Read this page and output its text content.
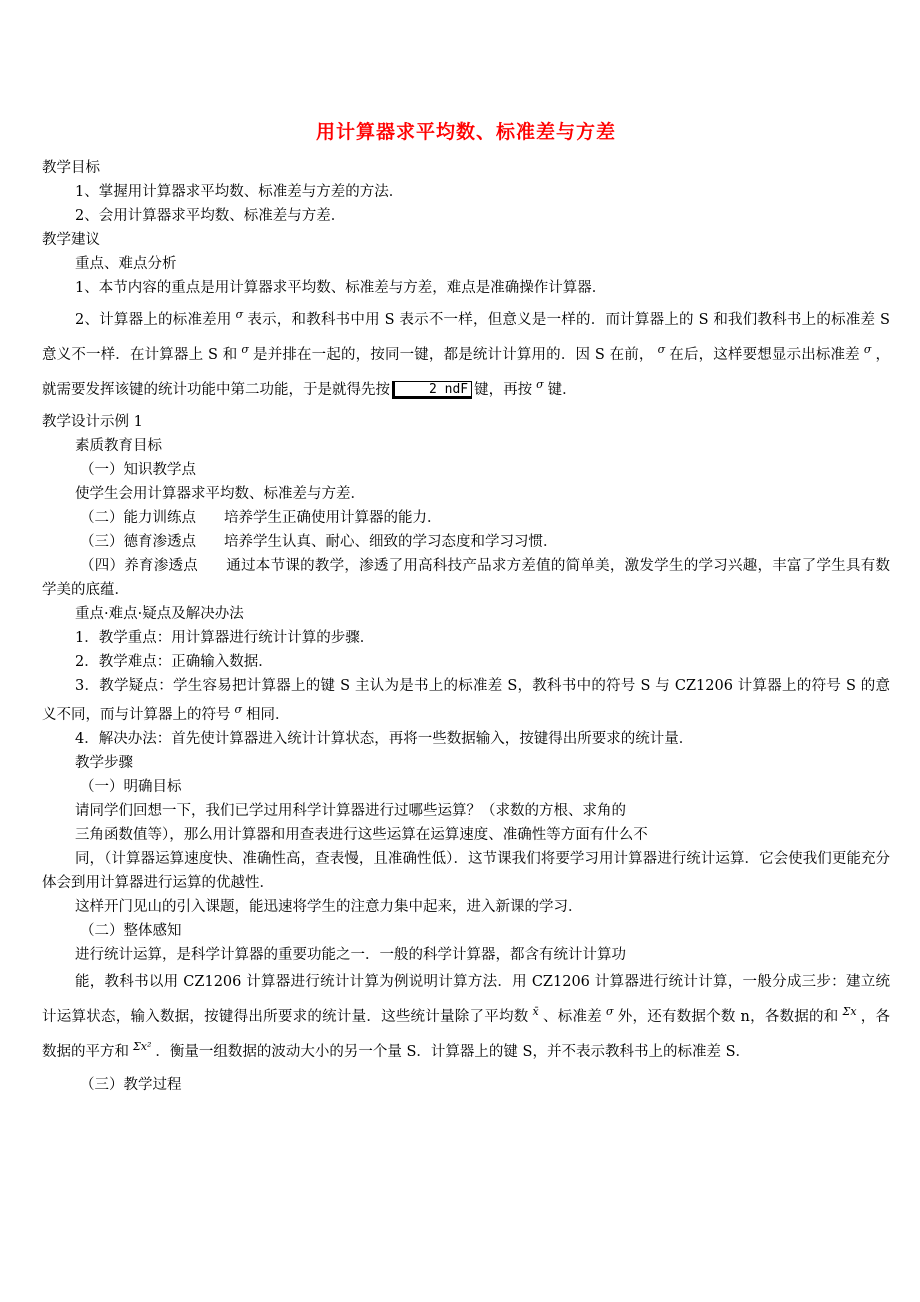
用计算器求平均数、标准差与方差
教学目标
1、掌握用计算器求平均数、标准差与方差的方法．
2、会用计算器求平均数、标准差与方差．
教学建议
重点、难点分析
1、本节内容的重点是用计算器求平均数、标准差与方差，难点是准确操作计算器．
2、计算器上的标准差用 $^\sigma$ 表示，和教科书中用 S 表示不一样，但意义是一样的．而计算器上的 S 和我们教科书上的标准差 S 意义不一样．在计算器上 S 和 $^\sigma$ 是并排在一起的，按同一键，都是统计计算用的．因 S 在前， $^\sigma$ 在后，这样要想显示出标准差 $^\sigma$ ，就需要发挥该键的统计功能中第二功能，于是就得先按	2 ndF 键，再按 $^\sigma$ 键．
教学设计示例 1
素质教育目标
（一）知识教学点
使学生会用计算器求平均数、标准差与方差．
（二）能力训练点 培养学生正确使用计算器的能力．
（三）德育渗透点 培养学生认真、耐心、细致的学习态度和学习习惯．
（四）养育渗透点 通过本节课的教学，渗透了用高科技产品求方差值的简单美，激发学生的学习兴趣，丰富了学生具有数学美的底蕴．
重点·难点·疑点及解决办法
1．教学重点：用计算器进行统计计算的步骤．
2．教学难点：正确输入数据．
3．教学疑点：学生容易把计算器上的键 S 主认为是书上的标准差 S，教科书中的符号 S 与 CZ1206 计算器上的符号 S 的意义不同，而与计算器上的符号 $^\sigma$ 相同．
4．解决办法：首先使计算器进入统计计算状态，再将一些数据输入，按键得出所要求的统计量．
教学步骤
（一）明确目标
请同学们回想一下，我们已学过用科学计算器进行过哪些运算？（求数的方根、求角的
三角函数值等），那么用计算器和用查表进行这些运算在运算速度、准确性等方面有什么不
同，（计算器运算速度快、准确性高，查表慢，且准确性低）．这节课我们将要学习用计算器进行统计运算．它会使我们更能充分体会到用计算器进行运算的优越性．
这样开门见山的引入课题，能迅速将学生的注意力集中起来，进入新课的学习．
（二）整体感知
进行统计运算，是科学计算器的重要功能之一．一般的科学计算器，都含有统计计算功
能，教科书以用 CZ1206 计算器进行统计计算为例说明计算方法．用 CZ1206 计算器进行统计计算，一般分成三步：建立统计运算状态，输入数据，按键得出所要求的统计量．这些统计量除了平均数 $^{x̄}$ 、标准差 $^\sigma$ 外，还有数据个数 n，各数据的和 $^{\Sigma x}$ ，各数据的平方和 $^{\Sigma x^2}$ ．衡量一组数据的波动大小的另一个量 S．计算器上的键 S，并不表示教科书上的标准差 S．
（三）教学过程
